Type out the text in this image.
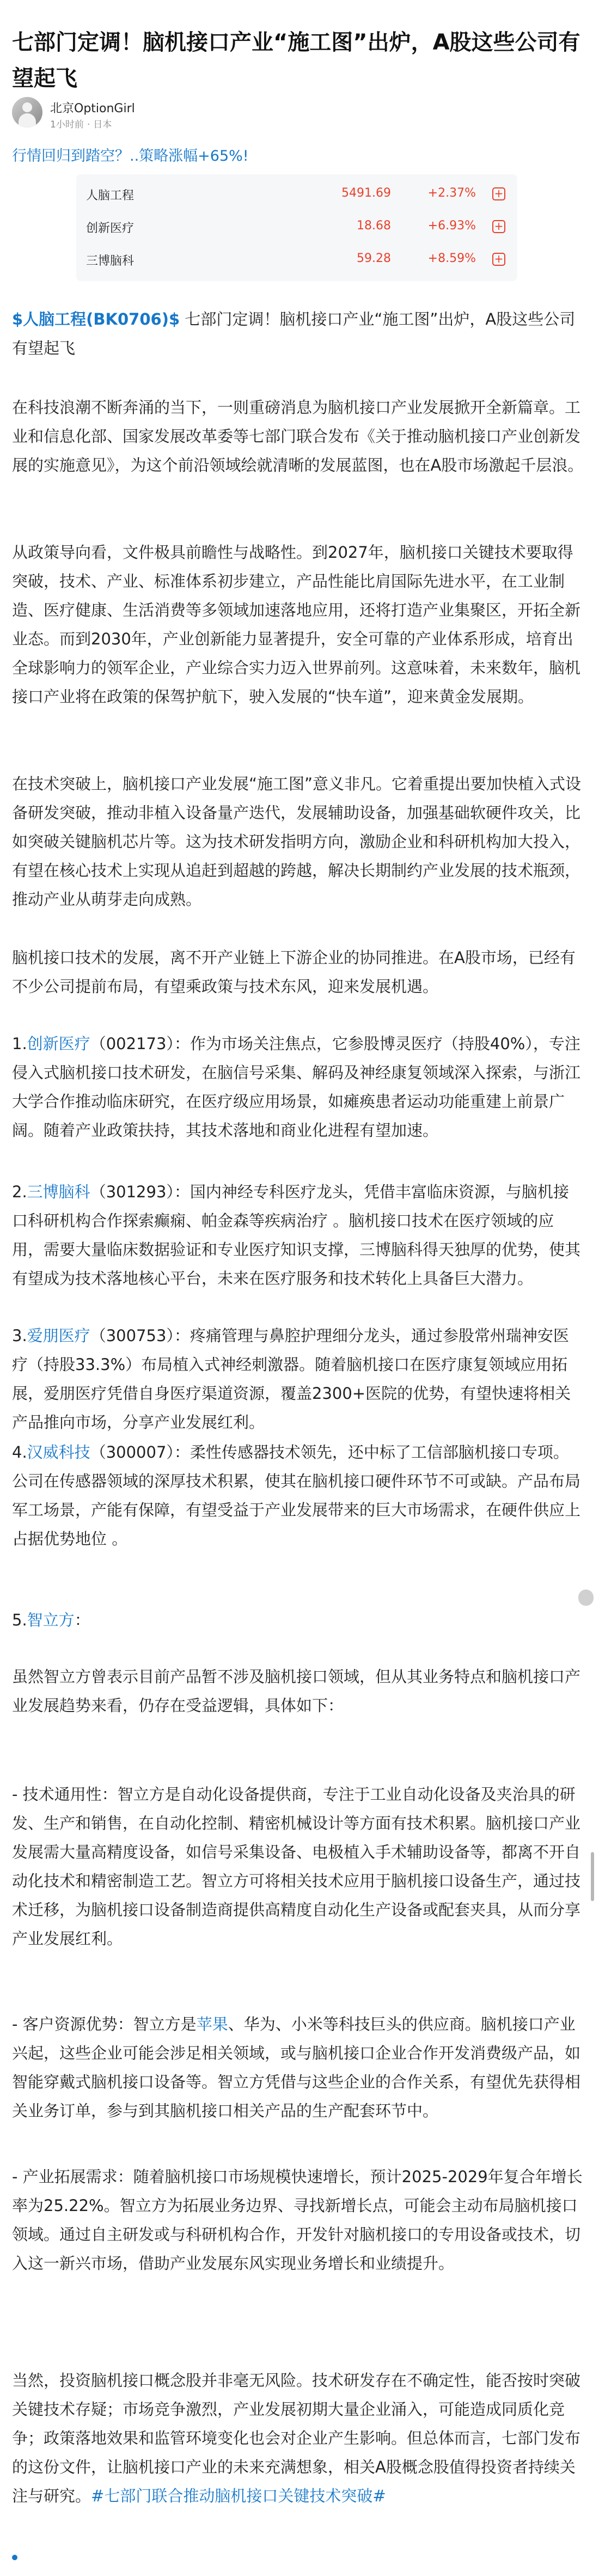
七部门定调！脑机接口产业“施工图”出炉，A股这些公司有望起飞
北京OptionGirl
1小时前 · 日本
行情回归到踏空？..策略涨幅+65%!
人脑工程	5491.69	+2.37% +
创新医疗	18.68	+6.93% +
三博脑科	59.28	+8.59% +
$人脑工程(BK0706)$ 七部门定调！脑机接口产业“施工图”出炉，A股这些公司有望起飞

在科技浪潮不断奔涌的当下，一则重磅消息为脑机接口产业发展掀开全新篇章。工业和信息化部、国家发展改革委等七部门联合发布《关于推动脑机接口产业创新发展的实施意见》，为这个前沿领域绘就清晰的发展蓝图，也在A股市场激起千层浪。

从政策导向看，文件极具前瞻性与战略性。到2027年，脑机接口关键技术要取得突破，技术、产业、标准体系初步建立，产品性能比肩国际先进水平，在工业制造、医疗健康、生活消费等多领域加速落地应用，还将打造产业集聚区，开拓全新业态。而到2030年，产业创新能力显著提升，安全可靠的产业体系形成，培育出全球影响力的领军企业，产业综合实力迈入世界前列。这意味着，未来数年，脑机接口产业将在政策的保驾护航下，驶入发展的“快车道”，迎来黄金发展期。

在技术突破上，脑机接口产业发展“施工图”意义非凡。它着重提出要加快植入式设备研发突破，推动非植入设备量产迭代，发展辅助设备，加强基础软硬件攻关，比如突破关键脑机芯片等。这为技术研发指明方向，激励企业和科研机构加大投入，有望在核心技术上实现从追赶到超越的跨越，解决长期制约产业发展的技术瓶颈，推动产业从萌芽走向成熟。

脑机接口技术的发展，离不开产业链上下游企业的协同推进。在A股市场，已经有不少公司提前布局，有望乘政策与技术东风，迎来发展机遇。

1.创新医疗（002173）：作为市场关注焦点，它参股博灵医疗（持股40%），专注侵入式脑机接口技术研发，在脑信号采集、解码及神经康复领域深入探索，与浙江大学合作推动临床研究，在医疗级应用场景，如瘫痪患者运动功能重建上前景广阔。随着产业政策扶持，其技术落地和商业化进程有望加速。

2.三博脑科（301293）：国内神经专科医疗龙头，凭借丰富临床资源，与脑机接口科研机构合作探索癫痫、帕金森等疾病治疗 。脑机接口技术在医疗领域的应用，需要大量临床数据验证和专业医疗知识支撑，三博脑科得天独厚的优势，使其有望成为技术落地核心平台，未来在医疗服务和技术转化上具备巨大潜力。

3.爱朋医疗（300753）：疼痛管理与鼻腔护理细分龙头，通过参股常州瑞神安医疗（持股33.3%）布局植入式神经刺激器。随着脑机接口在医疗康复领域应用拓展，爱朋医疗凭借自身医疗渠道资源，覆盖2300+医院的优势，有望快速将相关产品推向市场，分享产业发展红利。

4.汉威科技（300007）：柔性传感器技术领先，还中标了工信部脑机接口专项。公司在传感器领域的深厚技术积累，使其在脑机接口硬件环节不可或缺。产品布局军工场景，产能有保障，有望受益于产业发展带来的巨大市场需求，在硬件供应上占据优势地位 。

5.智立方：

虽然智立方曾表示目前产品暂不涉及脑机接口领域，但从其业务特点和脑机接口产业发展趋势来看，仍存在受益逻辑，具体如下：

- 技术通用性：智立方是自动化设备提供商，专注于工业自动化设备及夹治具的研发、生产和销售，在自动化控制、精密机械设计等方面有技术积累。脑机接口产业发展需大量高精度设备，如信号采集设备、电极植入手术辅助设备等，都离不开自动化技术和精密制造工艺。智立方可将相关技术应用于脑机接口设备生产，通过技术迁移，为脑机接口设备制造商提供高精度自动化生产设备或配套夹具，从而分享产业发展红利。

- 客户资源优势：智立方是苹果、华为、小米等科技巨头的供应商。脑机接口产业兴起，这些企业可能会涉足相关领域，或与脑机接口企业合作开发消费级产品，如智能穿戴式脑机接口设备等。智立方凭借与这些企业的合作关系，有望优先获得相关业务订单，参与到其脑机接口相关产品的生产配套环节中。

- 产业拓展需求：随着脑机接口市场规模快速增长，预计2025-2029年复合年增长率为25.22%。智立方为拓展业务边界、寻找新增长点，可能会主动布局脑机接口领域。通过自主研发或与科研机构合作，开发针对脑机接口的专用设备或技术，切入这一新兴市场，借助产业发展东风实现业务增长和业绩提升。

当然，投资脑机接口概念股并非毫无风险。技术研发存在不确定性，能否按时突破关键技术存疑；市场竞争激烈，产业发展初期大量企业涌入，可能造成同质化竞争；政策落地效果和监管环境变化也会对企业产生影响。但总体而言，七部门发布的这份文件，让脑机接口产业的未来充满想象，相关A股概念股值得投资者持续关注与研究。#七部门联合推动脑机接口关键技术突破#
